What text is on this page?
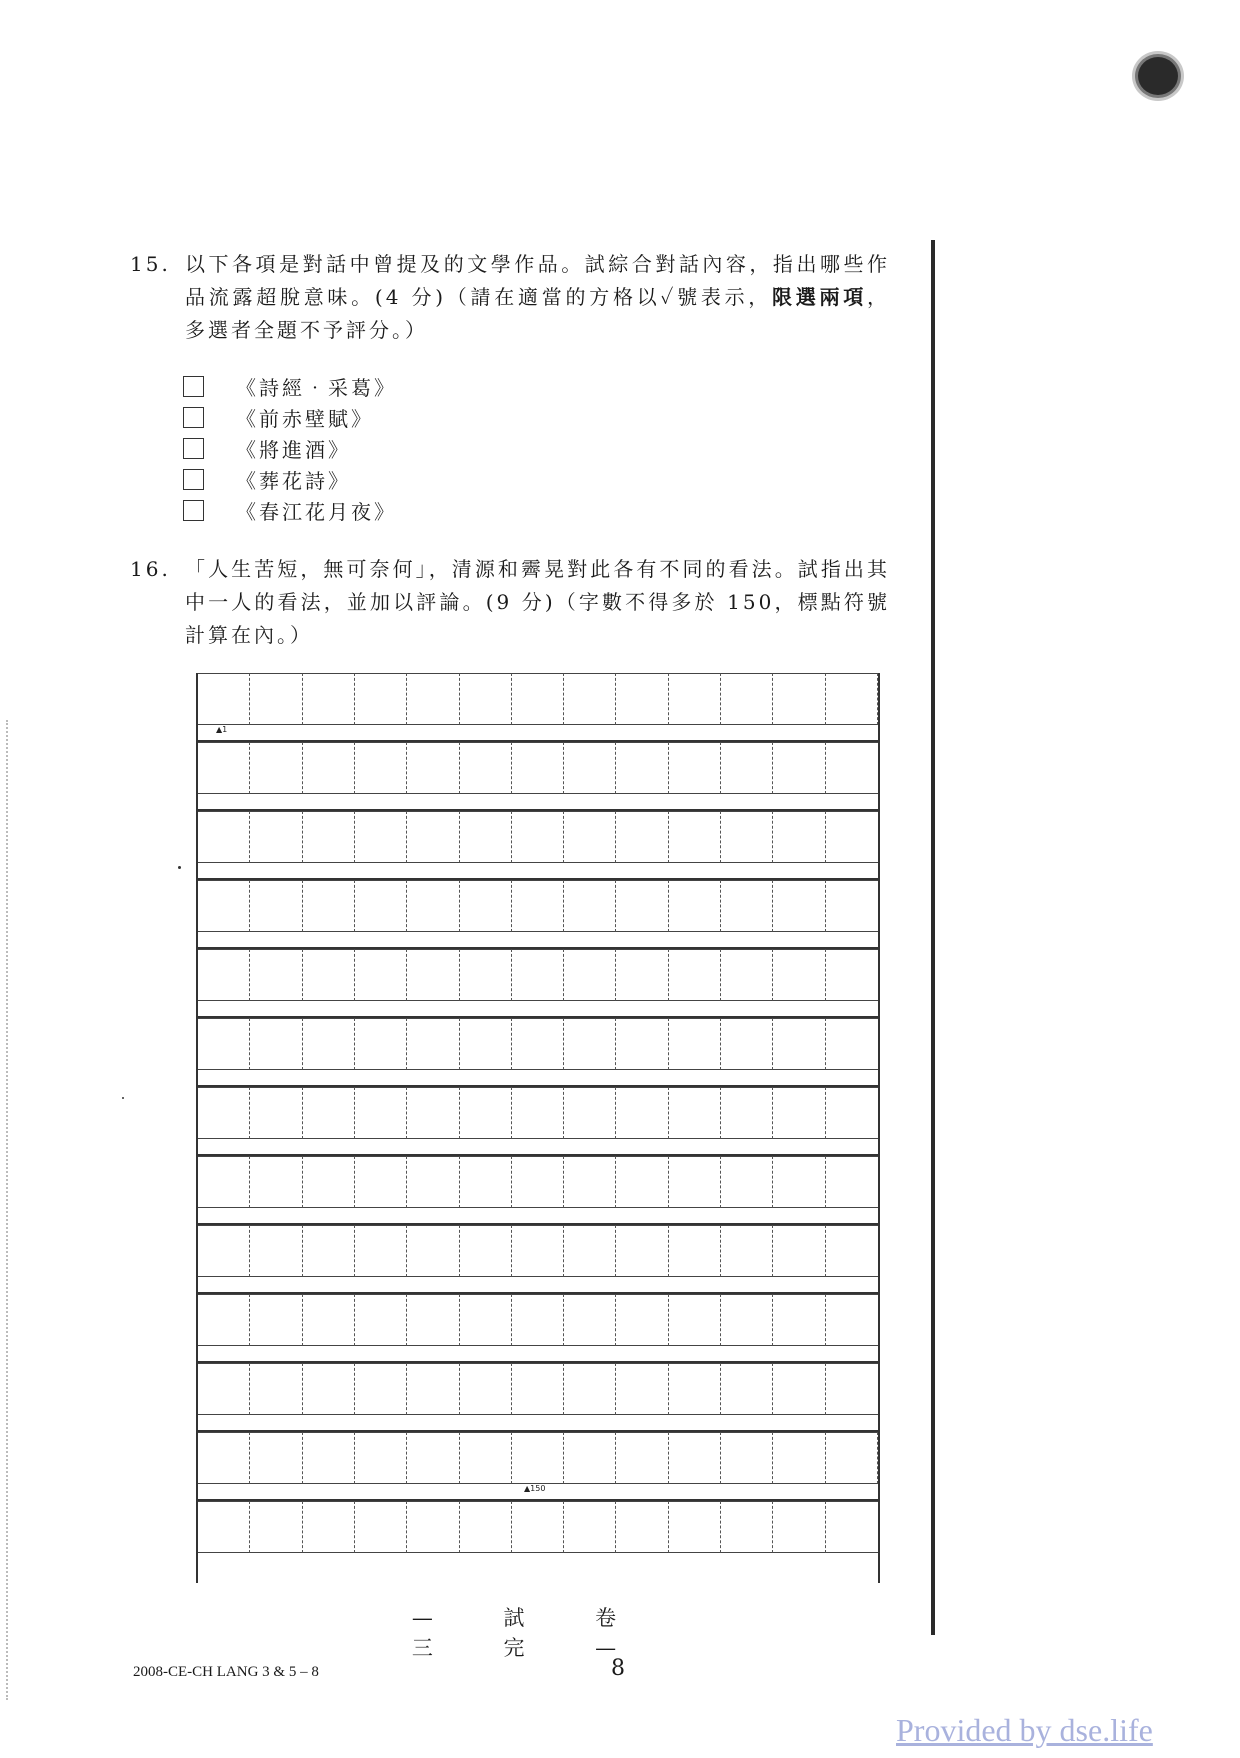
15. 以下各項是對話中曾提及的文學作品。試綜合對話內容，指出哪些作品流露超脫意味。(4 分)（請在適當的方格以✓號表示，限選兩項，多選者全題不予評分。）
《詩經‧采葛》
《前赤壁賦》
《將進酒》
《葬花詩》
《春江花月夜》
16. 「人生苦短，無可奈何」，清源和霽晃對此各有不同的看法。試指出其中一人的看法，並加以評論。(9 分)（字數不得多於 150，標點符號計算在內。）
▲1
▲150
— 試 卷 三 完 —
2008-CE-CH LANG 3 & 5 – 8	8
Provided by dse.life
